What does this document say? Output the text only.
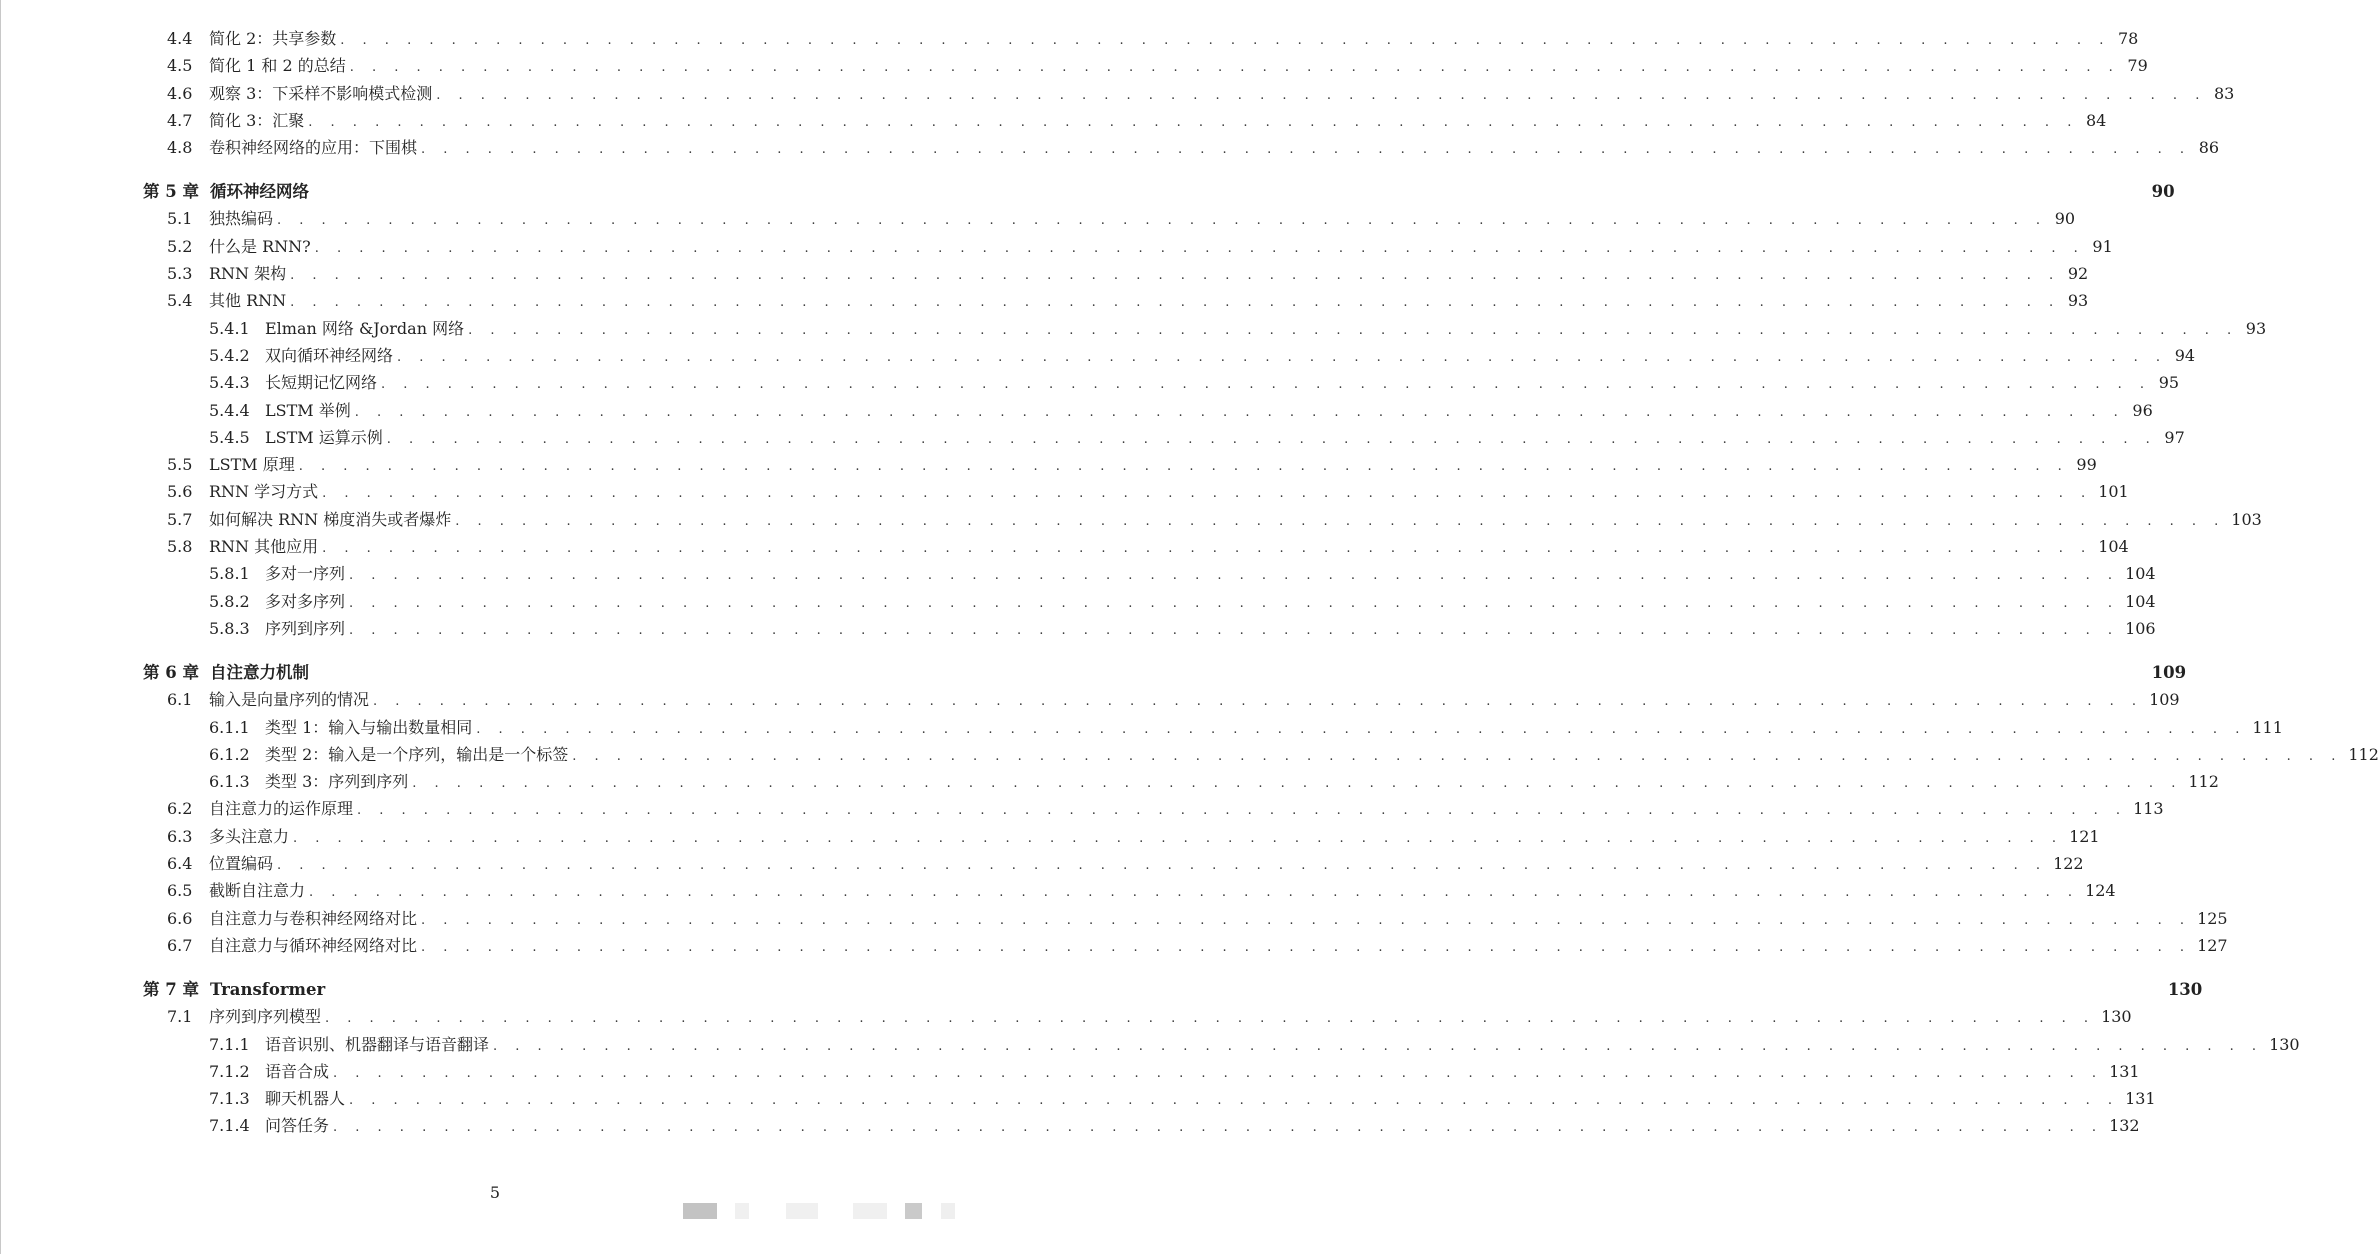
4.4	简化 2：共享参数 . . . . . . . . . . . . . . . . . . . . . . . . . . . . . . . . . . . . . . . . . . . . . . . . . . . . . . . . . . . . . . . . . . . . . . . . . . . . . . . . 78
4.5	简化 1 和 2 的总结 . . . . . . . . . . . . . . . . . . . . . . . . . . . . . . . . . . . . . . . . . . . . . . . . . . . . . . . . . . . . . . . . . . . . . . . . . . . . . . . . 79
4.6	观察 3：下采样不影响模式检测 . . . . . . . . . . . . . . . . . . . . . . . . . . . . . . . . . . . . . . . . . . . . . . . . . . . . . . . . . . . . . . . . . . . . . . . . . . . . . . . . 83
4.7	简化 3：汇聚 . . . . . . . . . . . . . . . . . . . . . . . . . . . . . . . . . . . . . . . . . . . . . . . . . . . . . . . . . . . . . . . . . . . . . . . . . . . . . . . . 84
4.8	卷积神经网络的应用：下围棋 . . . . . . . . . . . . . . . . . . . . . . . . . . . . . . . . . . . . . . . . . . . . . . . . . . . . . . . . . . . . . . . . . . . . . . . . . . . . . . . . 86
第 5 章 循环神经网络	90
5.1	独热编码 . . . . . . . . . . . . . . . . . . . . . . . . . . . . . . . . . . . . . . . . . . . . . . . . . . . . . . . . . . . . . . . . . . . . . . . . . . . . . . . . 90
5.2	什么是 RNN? . . . . . . . . . . . . . . . . . . . . . . . . . . . . . . . . . . . . . . . . . . . . . . . . . . . . . . . . . . . . . . . . . . . . . . . . . . . . . . . . 91
5.3	RNN 架构 . . . . . . . . . . . . . . . . . . . . . . . . . . . . . . . . . . . . . . . . . . . . . . . . . . . . . . . . . . . . . . . . . . . . . . . . . . . . . . . . 92
5.4	其他 RNN . . . . . . . . . . . . . . . . . . . . . . . . . . . . . . . . . . . . . . . . . . . . . . . . . . . . . . . . . . . . . . . . . . . . . . . . . . . . . . . . 93
5.4.1 Elman 网络 &Jordan 网络 . . . . . . . . . . . . . . . . . . . . . . . . . . . . . . . . . . . . . . . . . . . . . . . . . . . . . . . . . . . . . . . . . . . . . . . . . . . . . . . . 93
5.4.2 双向循环神经网络 . . . . . . . . . . . . . . . . . . . . . . . . . . . . . . . . . . . . . . . . . . . . . . . . . . . . . . . . . . . . . . . . . . . . . . . . . . . . . . . . 94
5.4.3 长短期记忆网络 . . . . . . . . . . . . . . . . . . . . . . . . . . . . . . . . . . . . . . . . . . . . . . . . . . . . . . . . . . . . . . . . . . . . . . . . . . . . . . . . 95
5.4.4 LSTM 举例 . . . . . . . . . . . . . . . . . . . . . . . . . . . . . . . . . . . . . . . . . . . . . . . . . . . . . . . . . . . . . . . . . . . . . . . . . . . . . . . . 96
5.4.5 LSTM 运算示例 . . . . . . . . . . . . . . . . . . . . . . . . . . . . . . . . . . . . . . . . . . . . . . . . . . . . . . . . . . . . . . . . . . . . . . . . . . . . . . . . 97
5.5	LSTM 原理 . . . . . . . . . . . . . . . . . . . . . . . . . . . . . . . . . . . . . . . . . . . . . . . . . . . . . . . . . . . . . . . . . . . . . . . . . . . . . . . . 99
5.6	RNN 学习方式 . . . . . . . . . . . . . . . . . . . . . . . . . . . . . . . . . . . . . . . . . . . . . . . . . . . . . . . . . . . . . . . . . . . . . . . . . . . . . . . . 101
5.7	如何解决 RNN 梯度消失或者爆炸 . . . . . . . . . . . . . . . . . . . . . . . . . . . . . . . . . . . . . . . . . . . . . . . . . . . . . . . . . . . . . . . . . . . . . . . . . . . . . . . . 103
5.8	RNN 其他应用 . . . . . . . . . . . . . . . . . . . . . . . . . . . . . . . . . . . . . . . . . . . . . . . . . . . . . . . . . . . . . . . . . . . . . . . . . . . . . . . . 104
5.8.1 多对一序列 . . . . . . . . . . . . . . . . . . . . . . . . . . . . . . . . . . . . . . . . . . . . . . . . . . . . . . . . . . . . . . . . . . . . . . . . . . . . . . . . 104
5.8.2 多对多序列 . . . . . . . . . . . . . . . . . . . . . . . . . . . . . . . . . . . . . . . . . . . . . . . . . . . . . . . . . . . . . . . . . . . . . . . . . . . . . . . . 104
5.8.3 序列到序列 . . . . . . . . . . . . . . . . . . . . . . . . . . . . . . . . . . . . . . . . . . . . . . . . . . . . . . . . . . . . . . . . . . . . . . . . . . . . . . . . 106
第 6 章 自注意力机制	109
6.1	输入是向量序列的情况 . . . . . . . . . . . . . . . . . . . . . . . . . . . . . . . . . . . . . . . . . . . . . . . . . . . . . . . . . . . . . . . . . . . . . . . . . . . . . . . . 109
6.1.1 类型 1：输入与输出数量相同 . . . . . . . . . . . . . . . . . . . . . . . . . . . . . . . . . . . . . . . . . . . . . . . . . . . . . . . . . . . . . . . . . . . . . . . . . . . . . . . . 111
6.1.2 类型 2：输入是一个序列，输出是一个标签 . . . . . . . . . . . . . . . . . . . . . . . . . . . . . . . . . . . . . . . . . . . . . . . . . . . . . . . . . . . . . . . . . . . . . . . . . . . . . . . . 112
6.1.3 类型 3：序列到序列 . . . . . . . . . . . . . . . . . . . . . . . . . . . . . . . . . . . . . . . . . . . . . . . . . . . . . . . . . . . . . . . . . . . . . . . . . . . . . . . . 112
6.2	自注意力的运作原理 . . . . . . . . . . . . . . . . . . . . . . . . . . . . . . . . . . . . . . . . . . . . . . . . . . . . . . . . . . . . . . . . . . . . . . . . . . . . . . . . 113
6.3	多头注意力 . . . . . . . . . . . . . . . . . . . . . . . . . . . . . . . . . . . . . . . . . . . . . . . . . . . . . . . . . . . . . . . . . . . . . . . . . . . . . . . . 121
6.4	位置编码 . . . . . . . . . . . . . . . . . . . . . . . . . . . . . . . . . . . . . . . . . . . . . . . . . . . . . . . . . . . . . . . . . . . . . . . . . . . . . . . . 122
6.5	截断自注意力 . . . . . . . . . . . . . . . . . . . . . . . . . . . . . . . . . . . . . . . . . . . . . . . . . . . . . . . . . . . . . . . . . . . . . . . . . . . . . . . . 124
6.6	自注意力与卷积神经网络对比 . . . . . . . . . . . . . . . . . . . . . . . . . . . . . . . . . . . . . . . . . . . . . . . . . . . . . . . . . . . . . . . . . . . . . . . . . . . . . . . . 125
6.7	自注意力与循环神经网络对比 . . . . . . . . . . . . . . . . . . . . . . . . . . . . . . . . . . . . . . . . . . . . . . . . . . . . . . . . . . . . . . . . . . . . . . . . . . . . . . . . 127
第 7 章 Transformer	130
7.1	序列到序列模型 . . . . . . . . . . . . . . . . . . . . . . . . . . . . . . . . . . . . . . . . . . . . . . . . . . . . . . . . . . . . . . . . . . . . . . . . . . . . . . . . 130
7.1.1 语音识别、机器翻译与语音翻译 . . . . . . . . . . . . . . . . . . . . . . . . . . . . . . . . . . . . . . . . . . . . . . . . . . . . . . . . . . . . . . . . . . . . . . . . . . . . . . . . 130
7.1.2 语音合成 . . . . . . . . . . . . . . . . . . . . . . . . . . . . . . . . . . . . . . . . . . . . . . . . . . . . . . . . . . . . . . . . . . . . . . . . . . . . . . . . 131
7.1.3 聊天机器人 . . . . . . . . . . . . . . . . . . . . . . . . . . . . . . . . . . . . . . . . . . . . . . . . . . . . . . . . . . . . . . . . . . . . . . . . . . . . . . . . 131
7.1.4 问答任务 . . . . . . . . . . . . . . . . . . . . . . . . . . . . . . . . . . . . . . . . . . . . . . . . . . . . . . . . . . . . . . . . . . . . . . . . . . . . . . . . 132
5
